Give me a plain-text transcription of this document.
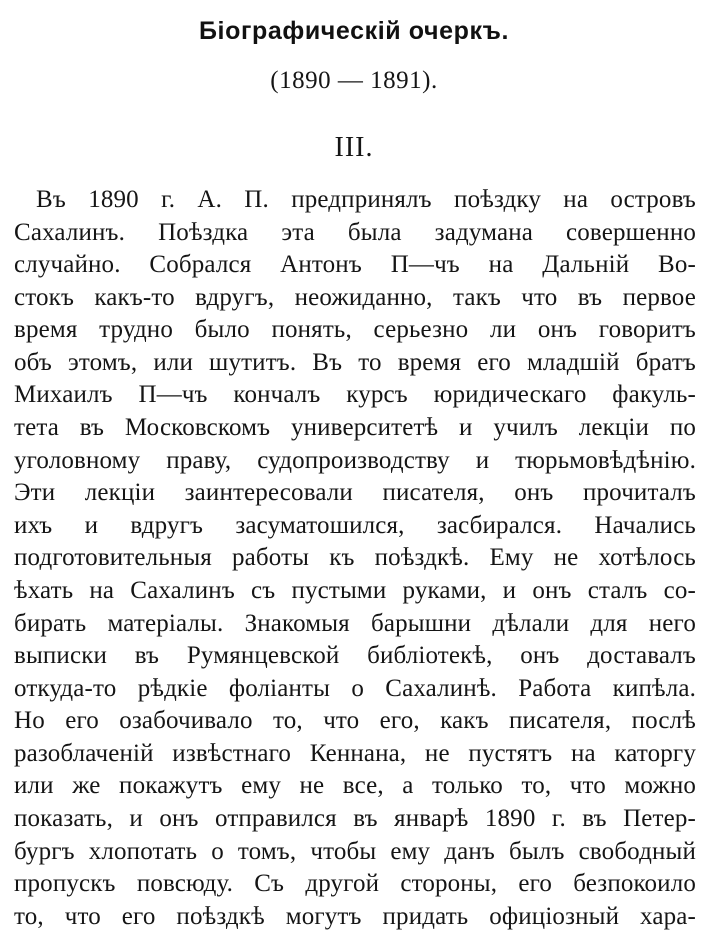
Біографическій очеркъ.
(1890 — 1891).
III.
Въ 1890 г. А. П. предпринялъ поѣздку на островъ
Сахалинъ. Поѣздка эта была задумана совершенно
случайно. Собрался Антонъ П—чъ на Дальній Во-
стокъ какъ-то вдругъ, неожиданно, такъ что въ первое
время трудно было понять, серьезно ли онъ говоритъ
объ этомъ, или шутитъ. Въ то время его младшій братъ
Михаилъ П—чъ кончалъ курсъ юридическаго факуль-
тета въ Московскомъ университетѣ и училъ лекціи по
уголовному праву, судопроизводству и тюрьмовѣдѣнію.
Эти лекціи заинтересовали писателя, онъ прочиталъ
ихъ и вдругъ засуматошился, засбирался. Начались
подготовительныя работы къ поѣздкѣ. Ему не хотѣлось
ѣхать на Сахалинъ съ пустыми руками, и онъ сталъ со-
бирать матеріалы. Знакомыя барышни дѣлали для него
выписки въ Румянцевской библіотекѣ, онъ доставалъ
откуда-то рѣдкіе фоліанты о Сахалинѣ. Работа кипѣла.
Но его озабочивало то, что его, какъ писателя, послѣ
разоблаченій извѣстнаго Кеннана, не пустятъ на каторгу
или же покажутъ ему не все, а только то, что можно
показать, и онъ отправился въ январѣ 1890 г. въ Петер-
бургъ хлопотать о томъ, чтобы ему данъ былъ свободный
пропускъ повсюду. Съ другой стороны, его безпокоило
то, что его поѣздкѣ могутъ придать офиціозный хара-
